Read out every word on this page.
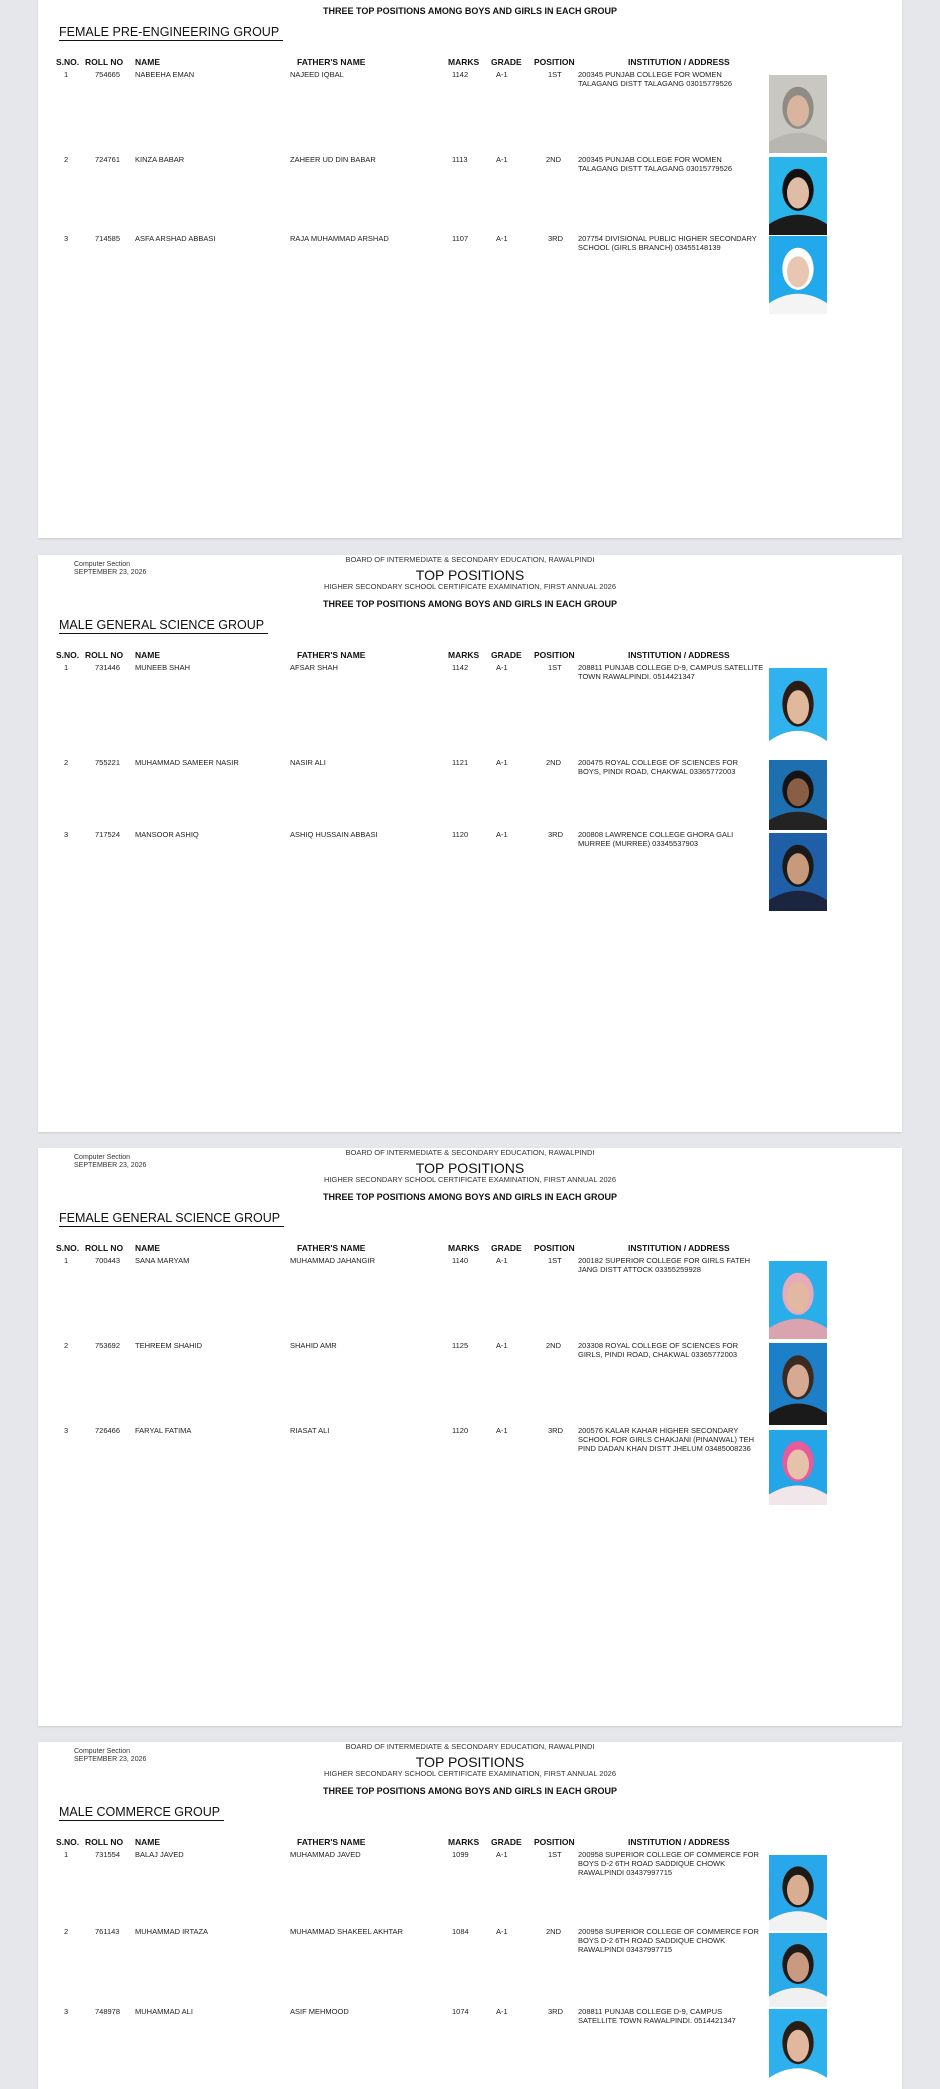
THREE TOP POSITIONS AMONG BOYS AND GIRLS IN EACH GROUP
FEMALE PRE-ENGINEERING GROUP
S.NO. ROLL NO NAME	FATHER'S NAME	MARKS GRADE POSITION	INSTITUTION / ADDRESS
1	754665 NABEEHA EMAN	NAJEED IQBAL	1142	A-1	1ST 200345 PUNJAB COLLEGE FOR WOMEN TALAGANG DISTT TALAGANG 03015779526
2	724761 KINZA BABAR	ZAHEER UD DIN BABAR	1113	A-1	2ND 200345 PUNJAB COLLEGE FOR WOMEN TALAGANG DISTT TALAGANG 03015779526
3	714585 ASFA ARSHAD ABBASI	RAJA MUHAMMAD ARSHAD	1107	A-1	3RD 207754 DIVISIONAL PUBLIC HIGHER SECONDARY SCHOOL (GIRLS BRANCH) 03455148139
Computer Section
SEPTEMBER 23, 2026
BOARD OF INTERMEDIATE & SECONDARY EDUCATION, RAWALPINDI
TOP POSITIONS
HIGHER SECONDARY SCHOOL CERTIFICATE EXAMINATION, FIRST ANNUAL 2026
THREE TOP POSITIONS AMONG BOYS AND GIRLS IN EACH GROUP
MALE GENERAL SCIENCE GROUP
S.NO. ROLL NO NAME	FATHER'S NAME	MARKS GRADE POSITION	INSTITUTION / ADDRESS
1	731446 MUNEEB SHAH	AFSAR SHAH	1142	A-1	1ST 208811 PUNJAB COLLEGE D-9, CAMPUS SATELLITE TOWN RAWALPINDI. 0514421347
2	755221 MUHAMMAD SAMEER NASIR	NASIR ALI	1121	A-1	2ND 200475 ROYAL COLLEGE OF SCIENCES FOR BOYS, PINDI ROAD, CHAKWAL 03365772003
3	717524 MANSOOR ASHIQ	ASHIQ HUSSAIN ABBASI	1120	A-1	3RD 200808 LAWRENCE COLLEGE GHORA GALI MURREE (MURREE) 03345537903
Computer Section
SEPTEMBER 23, 2026
BOARD OF INTERMEDIATE & SECONDARY EDUCATION, RAWALPINDI
TOP POSITIONS
HIGHER SECONDARY SCHOOL CERTIFICATE EXAMINATION, FIRST ANNUAL 2026
THREE TOP POSITIONS AMONG BOYS AND GIRLS IN EACH GROUP
FEMALE GENERAL SCIENCE GROUP
S.NO. ROLL NO NAME	FATHER'S NAME	MARKS GRADE POSITION	INSTITUTION / ADDRESS
1	700443 SANA MARYAM	MUHAMMAD JAHANGIR	1140	A-1	1ST 200182 SUPERIOR COLLEGE FOR GIRLS FATEH JANG DISTT ATTOCK 03355259928
2	753692 TEHREEM SHAHID	SHAHID AMR	1125	A-1	2ND 203308 ROYAL COLLEGE OF SCIENCES FOR GIRLS, PINDI ROAD, CHAKWAL 03365772003
3	726466 FARYAL FATIMA	RIASAT ALI	1120	A-1	3RD 200576 KALAR KAHAR HIGHER SECONDARY SCHOOL FOR GIRLS CHAKJANI (PINANWAL) TEH PIND DADAN KHAN DISTT JHELUM 03485008236
Computer Section
SEPTEMBER 23, 2026
BOARD OF INTERMEDIATE & SECONDARY EDUCATION, RAWALPINDI
TOP POSITIONS
HIGHER SECONDARY SCHOOL CERTIFICATE EXAMINATION, FIRST ANNUAL 2026
THREE TOP POSITIONS AMONG BOYS AND GIRLS IN EACH GROUP
MALE COMMERCE GROUP
S.NO. ROLL NO NAME	FATHER'S NAME	MARKS GRADE POSITION	INSTITUTION / ADDRESS
1	731554 BALAJ JAVED	MUHAMMAD JAVED	1099	A-1	1ST 200958 SUPERIOR COLLEGE OF COMMERCE FOR BOYS D-2 6TH ROAD SADDIQUE CHOWK RAWALPINDI 03437997715
2	761143 MUHAMMAD IRTAZA	MUHAMMAD SHAKEEL AKHTAR	1084	A-1	2ND 200958 SUPERIOR COLLEGE OF COMMERCE FOR BOYS D-2 6TH ROAD SADDIQUE CHOWK RAWALPINDI 03437997715
3	748978 MUHAMMAD ALI	ASIF MEHMOOD	1074	A-1	3RD 208811 PUNJAB COLLEGE D-9, CAMPUS SATELLITE TOWN RAWALPINDI. 0514421347
